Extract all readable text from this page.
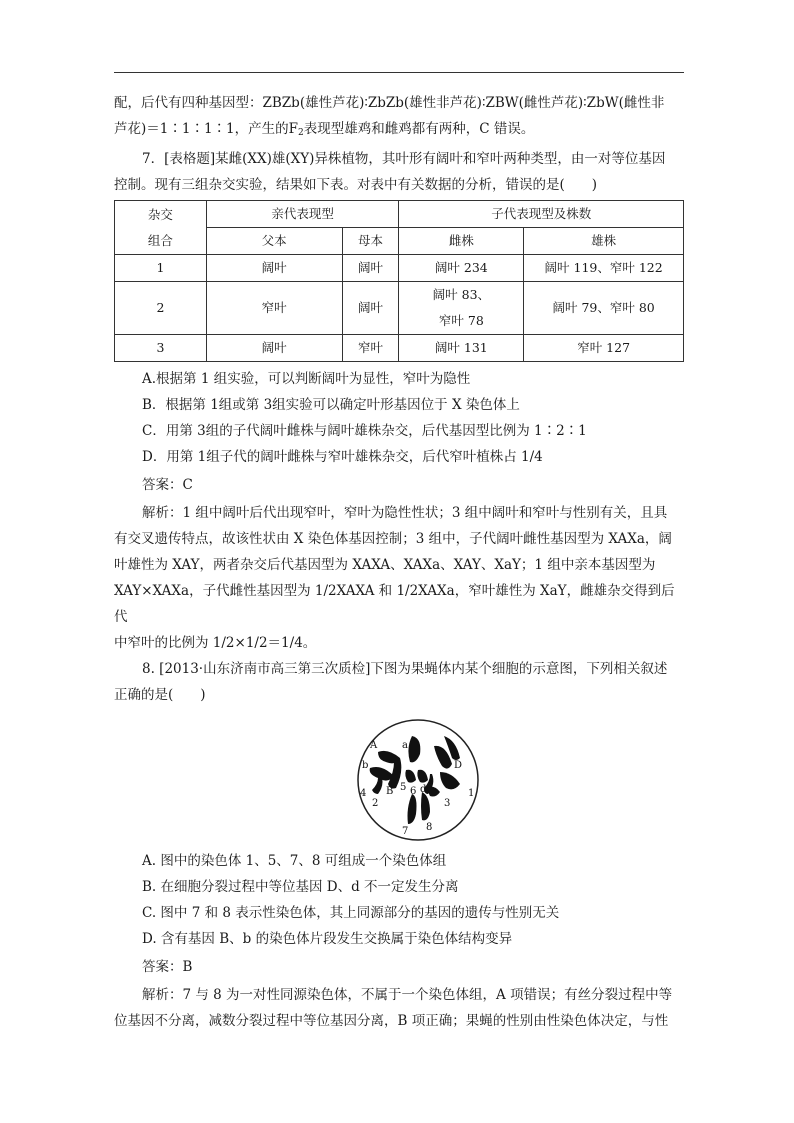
配，后代有四种基因型：ZBZb(雄性芦花)∶ZbZb(雄性非芦花)∶ZBW(雌性芦花)∶ZbW(雌性非

芦花)＝1∶1∶1∶1，产生的$F_2$表现型雄鸡和雌鸡都有两种，C 错误。

7．[表格题]某雌(XX)雄(XY)异株植物，其叶形有阔叶和窄叶两种类型，由一对等位基因

控制。现有三组杂交实验，结果如下表。对表中有关数据的分析，错误的是(　　)

杂交
组合	亲代表现型		子代表现型及株数	
	父本	母本	雌株	雄株
1	阔叶	阔叶	阔叶 234	阔叶 119、窄叶 122
2	窄叶	阔叶	阔叶 83、
窄叶 78	阔叶 79、窄叶 80
3	阔叶	窄叶	阔叶 131	窄叶 127

A.根据第 1 组实验，可以判断阔叶为显性，窄叶为隐性

B．根据第 1组或第 3组实验可以确定叶形基因位于 X 染色体上

C．用第 3组的子代阔叶雌株与阔叶雄株杂交，后代基因型比例为 1∶2∶1

D．用第 1组子代的阔叶雌株与窄叶雄株杂交，后代窄叶植株占 1/4

答案：C

解析：1 组中阔叶后代出现窄叶，窄叶为隐性性状；3 组中阔叶和窄叶与性别有关，且具

有交叉遗传特点，故该性状由 X 染色体基因控制；3 组中，子代阔叶雌性基因型为 XAXa，阔

叶雄性为 XAY，两者杂交后代基因型为 XAXA、XAXa、XAY、XaY；1 组中亲本基因型为

XAY×XAXa，子代雌性基因型为 1/2XAXA 和 1/2XAXa，窄叶雄性为 XaY，雌雄杂交得到后代

中窄叶的比例为 1/2×1/2＝1/4。

8. [2013·山东济南市高三第三次质检]下图为果蝇体内某个细胞的示意图，下列相关叙述

正确的是(　　)

A a
b
B
D
d	1
2	3
4
5 6
7 8

A. 图中的染色体 1、5、7、8 可组成一个染色体组

B. 在细胞分裂过程中等位基因 D、d 不一定发生分离

C. 图中 7 和 8 表示性染色体，其上同源部分的基因的遗传与性别无关

D. 含有基因 B、b 的染色体片段发生交换属于染色体结构变异

答案：B

解析：7 与 8 为一对性同源染色体，不属于一个染色体组，A 项错误；有丝分裂过程中等

位基因不分离，减数分裂过程中等位基因分离，B 项正确；果蝇的性别由性染色体决定，与性
